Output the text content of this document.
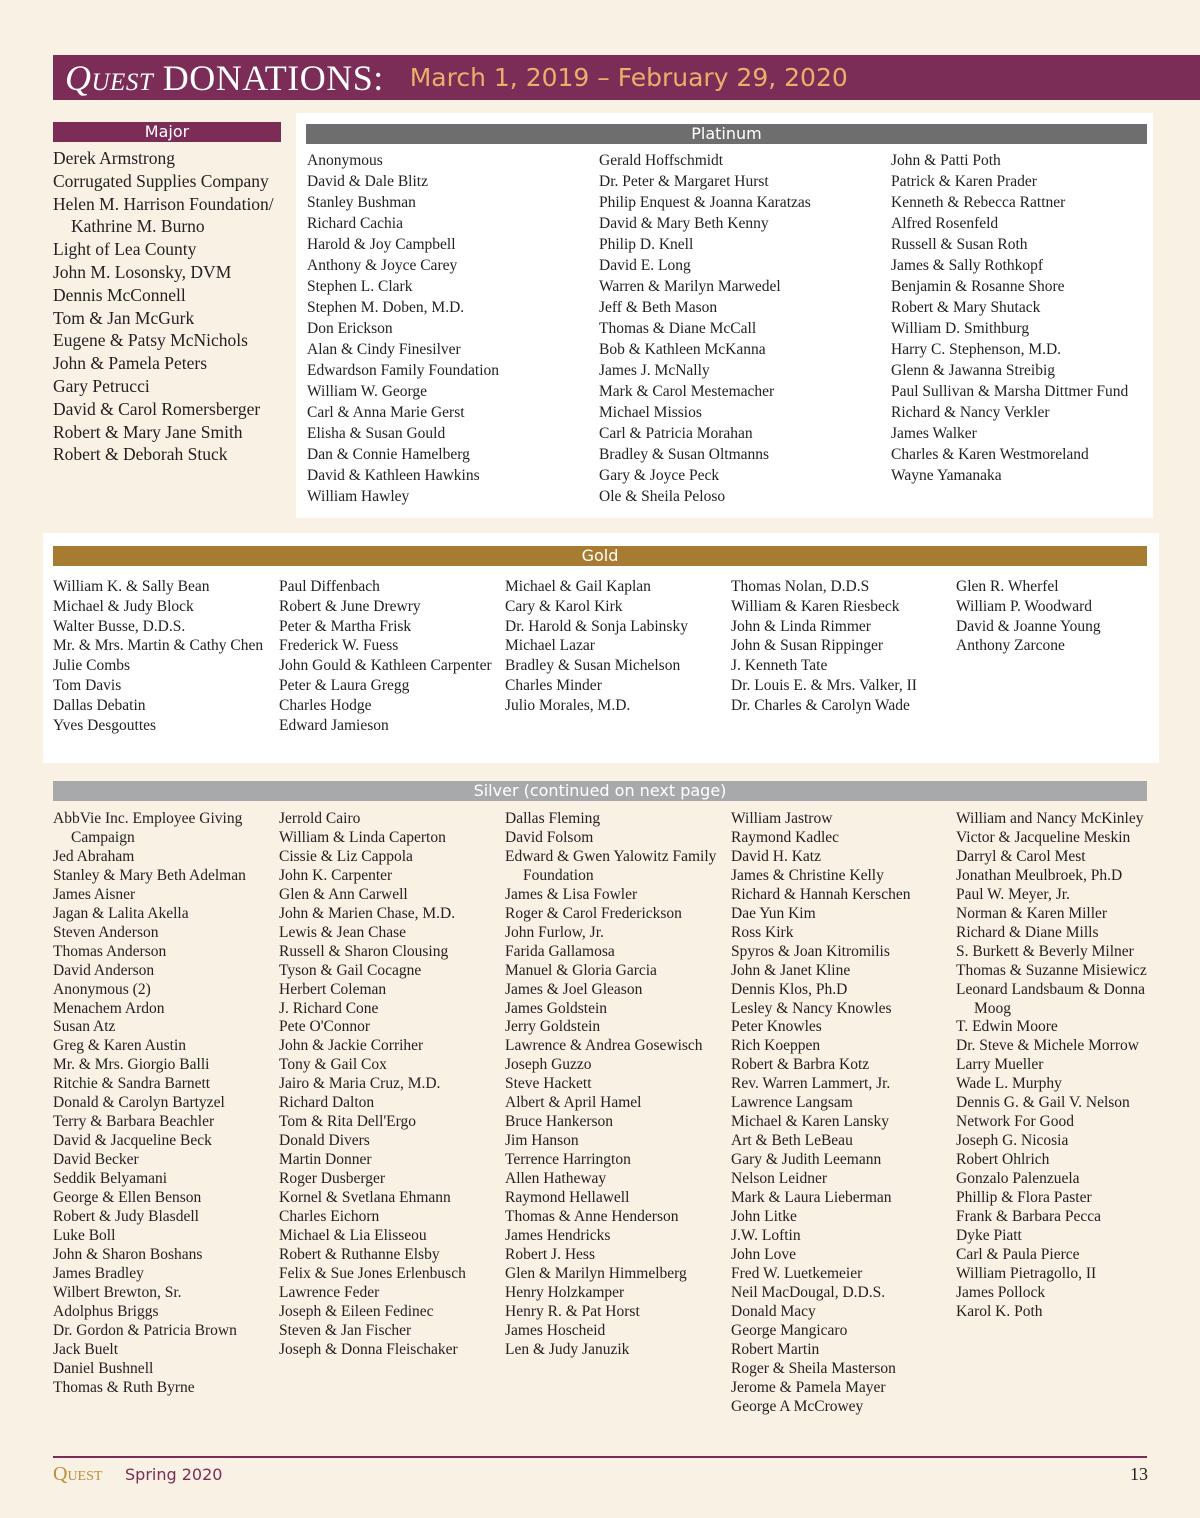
Quest DONATIONS: March 1, 2019 – February 29, 2020
Major
Derek Armstrong
Corrugated Supplies Company
Helen M. Harrison Foundation/ Kathrine M. Burno
Light of Lea County
John M. Losonsky, DVM
Dennis McConnell
Tom & Jan McGurk
Eugene & Patsy McNichols
John & Pamela Peters
Gary Petrucci
David & Carol Romersberger
Robert & Mary Jane Smith
Robert & Deborah Stuck
Platinum
Anonymous
David & Dale Blitz
Stanley Bushman
Richard Cachia
Harold & Joy Campbell
Anthony & Joyce Carey
Stephen L. Clark
Stephen M. Doben, M.D.
Don Erickson
Alan & Cindy Finesilver
Edwardson Family Foundation
William W. George
Carl & Anna Marie Gerst
Elisha & Susan Gould
Dan & Connie Hamelberg
David & Kathleen Hawkins
William Hawley
Gerald Hoffschmidt
Dr. Peter & Margaret Hurst
Philip Enquest & Joanna Karatzas
David & Mary Beth Kenny
Philip D. Knell
David E. Long
Warren & Marilyn Marwedel
Jeff & Beth Mason
Thomas & Diane McCall
Bob & Kathleen McKanna
James J. McNally
Mark & Carol Mestemacher
Michael Missios
Carl & Patricia Morahan
Bradley & Susan Oltmanns
Gary & Joyce Peck
Ole & Sheila Peloso
John & Patti Poth
Patrick & Karen Prader
Kenneth & Rebecca Rattner
Alfred Rosenfeld
Russell & Susan Roth
James & Sally Rothkopf
Benjamin & Rosanne Shore
Robert & Mary Shutack
William D. Smithburg
Harry C. Stephenson, M.D.
Glenn & Jawanna Streibig
Paul Sullivan & Marsha Dittmer Fund
Richard & Nancy Verkler
James Walker
Charles & Karen Westmoreland
Wayne Yamanaka
Gold
William K. & Sally Bean
Michael & Judy Block
Walter Busse, D.D.S.
Mr. & Mrs. Martin & Cathy Chen
Julie Combs
Tom Davis
Dallas Debatin
Yves Desgouttes
Paul Diffenbach
Robert & June Drewry
Peter & Martha Frisk
Frederick W. Fuess
John Gould & Kathleen Carpenter
Peter & Laura Gregg
Charles Hodge
Edward Jamieson
Michael & Gail Kaplan
Cary & Karol Kirk
Dr. Harold & Sonja Labinsky
Michael Lazar
Bradley & Susan Michelson
Charles Minder
Julio Morales, M.D.
Thomas Nolan, D.D.S
William & Karen Riesbeck
John & Linda Rimmer
John & Susan Rippinger
J. Kenneth Tate
Dr. Louis E. & Mrs. Valker, II
Dr. Charles & Carolyn Wade
Glen R. Wherfel
William P. Woodward
David & Joanne Young
Anthony Zarcone
Silver (continued on next page)
AbbVie Inc. Employee Giving Campaign
Jed Abraham
Stanley & Mary Beth Adelman
James Aisner
Jagan & Lalita Akella
Steven Anderson
Thomas Anderson
David Anderson
Anonymous (2)
Menachem Ardon
Susan Atz
Greg & Karen Austin
Mr. & Mrs. Giorgio Balli
Ritchie & Sandra Barnett
Donald & Carolyn Bartyzel
Terry & Barbara Beachler
David & Jacqueline Beck
David Becker
Seddik Belyamani
George & Ellen Benson
Robert & Judy Blasdell
Luke Boll
John & Sharon Boshans
James Bradley
Wilbert Brewton, Sr.
Adolphus Briggs
Dr. Gordon & Patricia Brown
Jack Buelt
Daniel Bushnell
Thomas & Ruth Byrne
Jerrold Cairo
William & Linda Caperton
Cissie & Liz Cappola
John K. Carpenter
Glen & Ann Carwell
John & Marien Chase, M.D.
Lewis & Jean Chase
Russell & Sharon Clousing
Tyson & Gail Cocagne
Herbert Coleman
J. Richard Cone
Pete O'Connor
John & Jackie Corriher
Tony & Gail Cox
Jairo & Maria Cruz, M.D.
Richard Dalton
Tom & Rita Dell'Ergo
Donald Divers
Martin Donner
Roger Dusberger
Kornel & Svetlana Ehmann
Charles Eichorn
Michael & Lia Elisseou
Robert & Ruthanne Elsby
Felix & Sue Jones Erlenbusch
Lawrence Feder
Joseph & Eileen Fedinec
Steven & Jan Fischer
Joseph & Donna Fleischaker
Dallas Fleming
David Folsom
Edward & Gwen Yalowitz Family Foundation
James & Lisa Fowler
Roger & Carol Frederickson
John Furlow, Jr.
Farida Gallamosa
Manuel & Gloria Garcia
James & Joel Gleason
James Goldstein
Jerry Goldstein
Lawrence & Andrea Gosewisch
Joseph Guzzo
Steve Hackett
Albert & April Hamel
Bruce Hankerson
Jim Hanson
Terrence Harrington
Allen Hatheway
Raymond Hellawell
Thomas & Anne Henderson
James Hendricks
Robert J. Hess
Glen & Marilyn Himmelberg
Henry Holzkamper
Henry R. & Pat Horst
James Hoscheid
Len & Judy Januzik
William Jastrow
Raymond Kadlec
David H. Katz
James & Christine Kelly
Richard & Hannah Kerschen
Dae Yun Kim
Ross Kirk
Spyros & Joan Kitromilis
John & Janet Kline
Dennis Klos, Ph.D
Lesley & Nancy Knowles
Peter Knowles
Rich Koeppen
Robert & Barbra Kotz
Rev. Warren Lammert, Jr.
Lawrence Langsam
Michael & Karen Lansky
Art & Beth LeBeau
Gary & Judith Leemann
Nelson Leidner
Mark & Laura Lieberman
John Litke
J.W. Loftin
John Love
Fred W. Luetkemeier
Neil MacDougal, D.D.S.
Donald Macy
George Mangicaro
Robert Martin
Roger & Sheila Masterson
Jerome & Pamela Mayer
George A McCrowey
William and Nancy McKinley
Victor & Jacqueline Meskin
Darryl & Carol Mest
Jonathan Meulbroek, Ph.D
Paul W. Meyer, Jr.
Norman & Karen Miller
Richard & Diane Mills
S. Burkett & Beverly Milner
Thomas & Suzanne Misiewicz
Leonard Landsbaum & Donna Moog
T. Edwin Moore
Dr. Steve & Michele Morrow
Larry Mueller
Wade L. Murphy
Dennis G. & Gail V. Nelson
Network For Good
Joseph G. Nicosia
Robert Ohlrich
Gonzalo Palenzuela
Phillip & Flora Paster
Frank & Barbara Pecca
Dyke Piatt
Carl & Paula Pierce
William Pietragollo, II
James Pollock
Karol K. Poth
Quest Spring 2020	13
